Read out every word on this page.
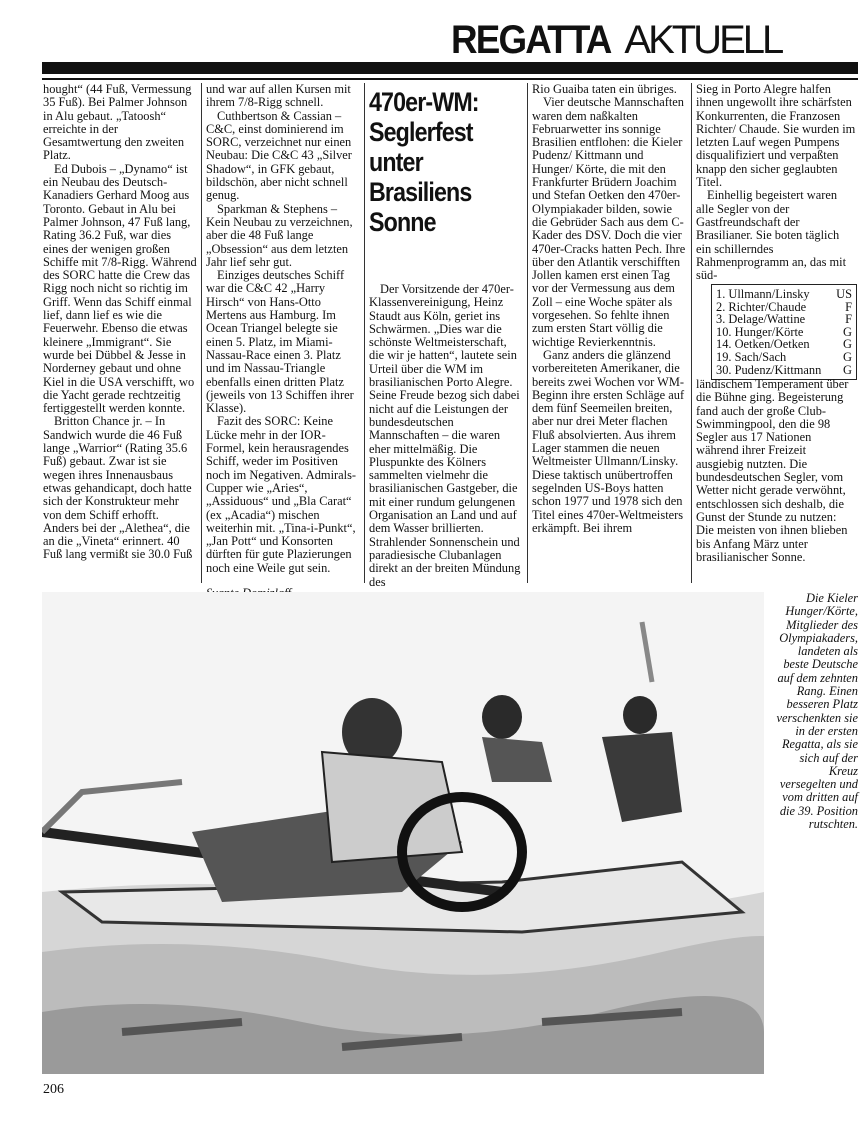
REGATTA AKTUELL

hought“ (44 Fuß, Vermessung 35 Fuß). Bei Palmer Johnson in Alu gebaut. „Tatoosh“ erreichte in der Gesamtwertung den zweiten Platz.

Ed Dubois – „Dynamo“ ist ein Neubau des Deutsch-Kanadiers Gerhard Moog aus Toronto. Gebaut in Alu bei Palmer Johnson, 47 Fuß lang, Rating 36.2 Fuß, war dies eines der wenigen großen Schiffe mit 7/8-Rigg. Während des SORC hatte die Crew das Rigg noch nicht so richtig im Griff. Wenn das Schiff einmal lief, dann lief es wie die Feuerwehr. Ebenso die etwas kleinere „Immigrant“. Sie wurde bei Dübbel & Jesse in Norderney gebaut und ohne Kiel in die USA verschifft, wo die Yacht gerade rechtzeitig fertiggestellt werden konnte.

Britton Chance jr. – In Sandwich wurde die 46 Fuß lange „Warrior“ (Rating 35.6 Fuß) gebaut. Zwar ist sie wegen ihres Innenausbaus etwas gehandicapt, doch hatte sich der Konstrukteur mehr von dem Schiff erhofft. Anders bei der „Alethea“, die an die „Vineta“ erinnert. 40 Fuß lang vermißt sie 30.0 Fuß

und war auf allen Kursen mit ihrem 7/8-Rigg schnell.

Cuthbertson & Cassian – C&C, einst dominierend im SORC, verzeichnet nur einen Neubau: Die C&C 43 „Silver Shadow“, in GFK gebaut, bildschön, aber nicht schnell genug.

Sparkman & Stephens – Kein Neubau zu verzeichnen, aber die 48 Fuß lange „Obsession“ aus dem letzten Jahr lief sehr gut.

Einziges deutsches Schiff war die C&C 42 „Harry Hirsch“ von Hans-Otto Mertens aus Hamburg. Im Ocean Triangel belegte sie einen 5. Platz, im Miami-Nassau-Race einen 3. Platz und im Nassau-Triangle ebenfalls einen dritten Platz (jeweils von 13 Schiffen ihrer Klasse).

Fazit des SORC: Keine Lücke mehr in der IOR-Formel, kein herausragendes Schiff, weder im Positiven noch im Negativen. Admirals-Cupper wie „Aries“, „Assiduous“ und „Bla Carat“ (ex „Acadia“) mischen weiterhin mit. „Tina-i-Punkt“, „Jan Pott“ und Konsorten dürften für gute Plazierungen noch eine Weile gut sein.

470er-WM:
Seglerfest
unter
Brasiliens
Sonne

Der Vorsitzende der 470er-Klassenvereinigung, Heinz Staudt aus Köln, geriet ins Schwärmen. „Dies war die schönste Weltmeisterschaft, die wir je hatten“, lautete sein Urteil über die WM im brasilianischen Porto Alegre. Seine Freude bezog sich dabei nicht auf die Leistungen der bundesdeutschen Mannschaften – die waren eher mittelmäßig. Die Pluspunkte des Kölners sammelten vielmehr die brasilianischen Gastgeber, die mit einer rundum gelungenen Organisation an Land und auf dem Wasser brillierten. Strahlender Sonnenschein und paradiesische Clubanlagen direkt an der breiten Mündung des

Rio Guaiba taten ein übriges.

Vier deutsche Mannschaften waren dem naßkalten Februarwetter ins sonnige Brasilien entflohen: die Kieler Pudenz/ Kittmann und Hunger/ Körte, die mit den Frankfurter Brüdern Joachim und Stefan Oetken den 470er-Olympiakader bilden, sowie die Gebrüder Sach aus dem C-Kader des DSV. Doch die vier 470er-Cracks hatten Pech. Ihre über den Atlantik verschifften Jollen kamen erst einen Tag vor der Vermessung aus dem Zoll – eine Woche später als vorgesehen. So fehlte ihnen zum ersten Start völlig die wichtige Revierkenntnis.

Ganz anders die glänzend vorbereiteten Amerikaner, die bereits zwei Wochen vor WM-Beginn ihre ersten Schläge auf dem fünf Seemeilen breiten, aber nur drei Meter flachen Fluß absolvierten. Aus ihrem Lager stammen die neuen Weltmeister Ullmann/Linsky. Diese taktisch unübertroffen segelnden US-Boys hatten schon 1977 und 1978 sich den Titel eines 470er-Weltmeisters erkämpft. Bei ihrem

Sieg in Porto Alegre halfen ihnen ungewollt ihre schärfsten Konkurrenten, die Franzosen Richter/ Chaude. Sie wurden im letzten Lauf wegen Pumpens disqualifiziert und verpaßten knapp den sicher geglaubten Titel.

Einhellig begeistert waren alle Segler von der Gastfreundschaft der Brasilianer. Sie boten täglich ein schillerndes Rahmenprogramm an, das mit süd-

1. Ullmann/Linsky US
2. Richter/Chaude	F
3. Delage/Wattine	F
10. Hunger/Körte	G
14. Oetken/Oetken	G
19. Sach/Sach	G
30. Pudenz/Kittmann G

ländischem Temperament über die Bühne ging. Begeisterung fand auch der große Club-Swimmingpool, den die 98 Segler aus 17 Nationen während ihrer Freizeit ausgiebig nutzten. Die bundesdeutschen Segler, vom Wetter nicht gerade verwöhnt, entschlossen sich deshalb, die Gunst der Stunde zu nutzen: Die meisten von ihnen blieben bis Anfang März unter brasilianischer Sonne.

Die Kieler Hunger/Körte, Mitglieder des Olympiakaders, landeten als beste Deutsche auf dem zehnten Rang. Einen besseren Platz verschenkten sie in der ersten Regatta, als sie sich auf der Kreuz versegelten und vom dritten auf die 39. Position rutschten.
206
